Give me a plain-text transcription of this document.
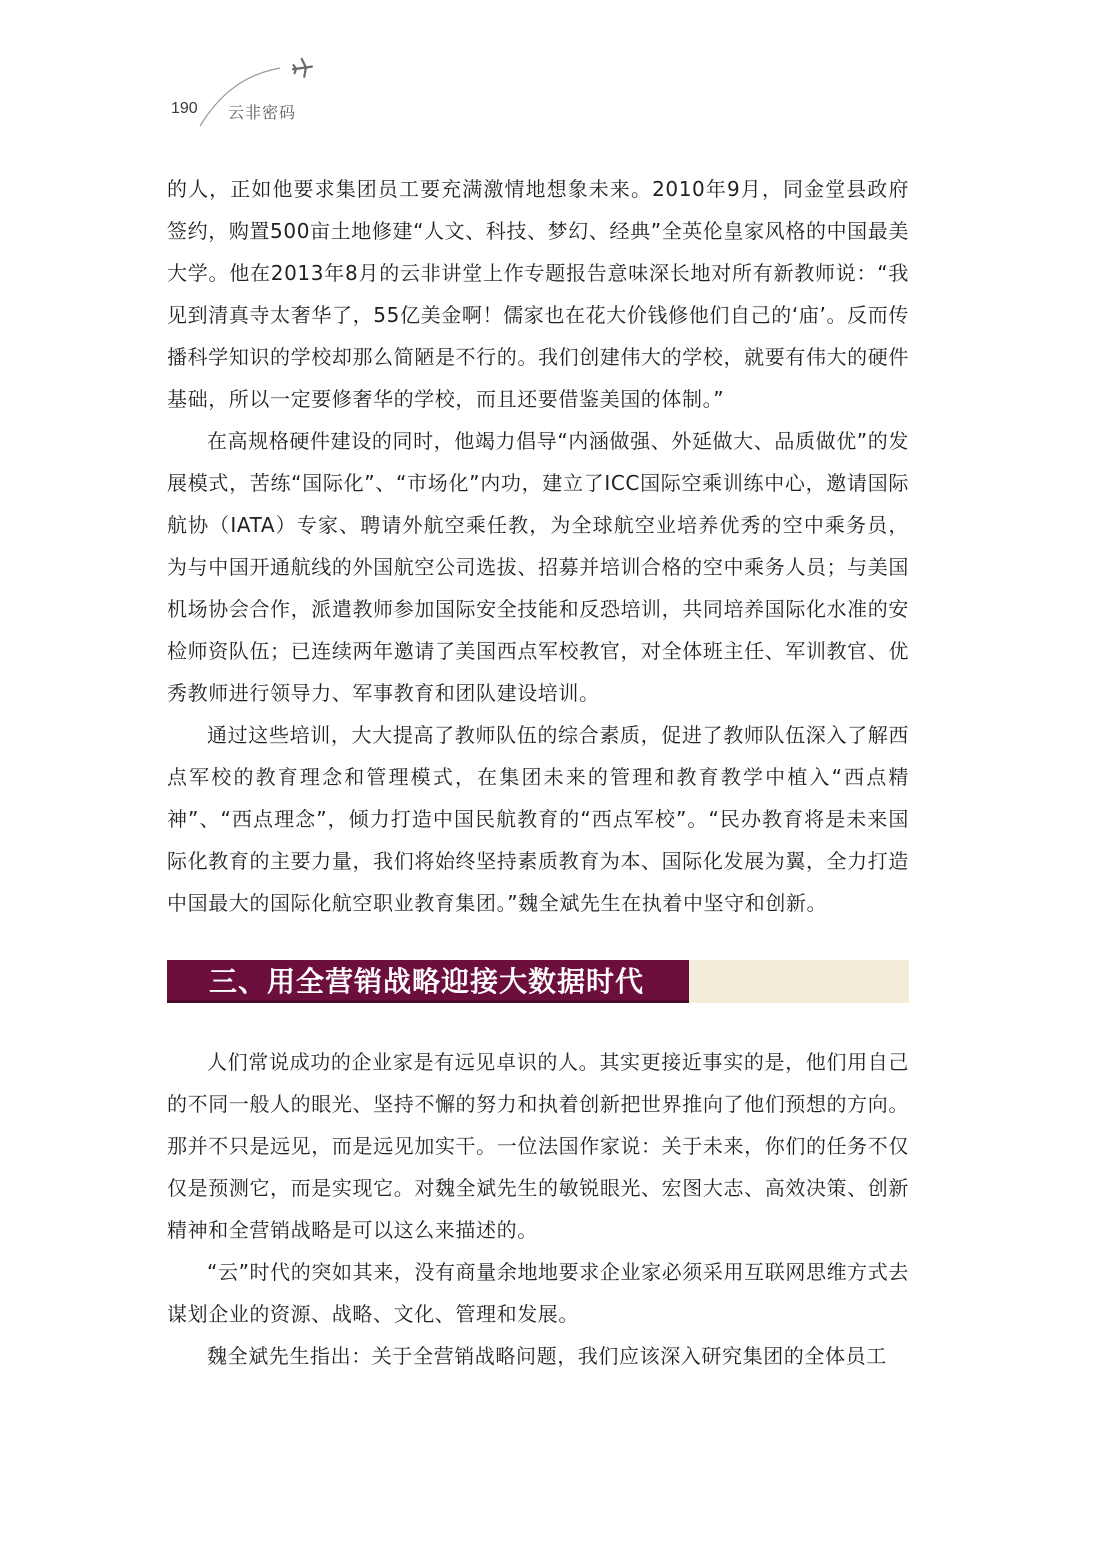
190 云非密码

的人，正如他要求集团员工要充满激情地想象未来。2010年9月，同金堂县政府签约，购置500亩土地修建“人文、科技、梦幻、经典”全英伦皇家风格的中国最美大学。他在2013年8月的云非讲堂上作专题报告意味深长地对所有新教师说：“我见到清真寺太奢华了，55亿美金啊！儒家也在花大价钱修他们自己的‘庙’。反而传播科学知识的学校却那么简陋是不行的。我们创建伟大的学校，就要有伟大的硬件基础，所以一定要修奢华的学校，而且还要借鉴美国的体制。”

在高规格硬件建设的同时，他竭力倡导“内涵做强、外延做大、品质做优”的发展模式，苦练“国际化”、“市场化”内功，建立了ICC国际空乘训练中心，邀请国际航协（IATA）专家、聘请外航空乘任教，为全球航空业培养优秀的空中乘务员，为与中国开通航线的外国航空公司选拔、招募并培训合格的空中乘务人员；与美国机场协会合作，派遣教师参加国际安全技能和反恐培训，共同培养国际化水准的安检师资队伍；已连续两年邀请了美国西点军校教官，对全体班主任、军训教官、优秀教师进行领导力、军事教育和团队建设培训。

通过这些培训，大大提高了教师队伍的综合素质，促进了教师队伍深入了解西点军校的教育理念和管理模式，在集团未来的管理和教育教学中植入“西点精神”、“西点理念”，倾力打造中国民航教育的“西点军校”。“民办教育将是未来国际化教育的主要力量，我们将始终坚持素质教育为本、国际化发展为翼，全力打造中国最大的国际化航空职业教育集团。”魏全斌先生在执着中坚守和创新。

三、用全营销战略迎接大数据时代

人们常说成功的企业家是有远见卓识的人。其实更接近事实的是，他们用自己的不同一般人的眼光、坚持不懈的努力和执着创新把世界推向了他们预想的方向。那并不只是远见，而是远见加实干。一位法国作家说：关于未来，你们的任务不仅仅是预测它，而是实现它。对魏全斌先生的敏锐眼光、宏图大志、高效决策、创新精神和全营销战略是可以这么来描述的。

“云”时代的突如其来，没有商量余地地要求企业家必须采用互联网思维方式去谋划企业的资源、战略、文化、管理和发展。

魏全斌先生指出：关于全营销战略问题，我们应该深入研究集团的全体员工
